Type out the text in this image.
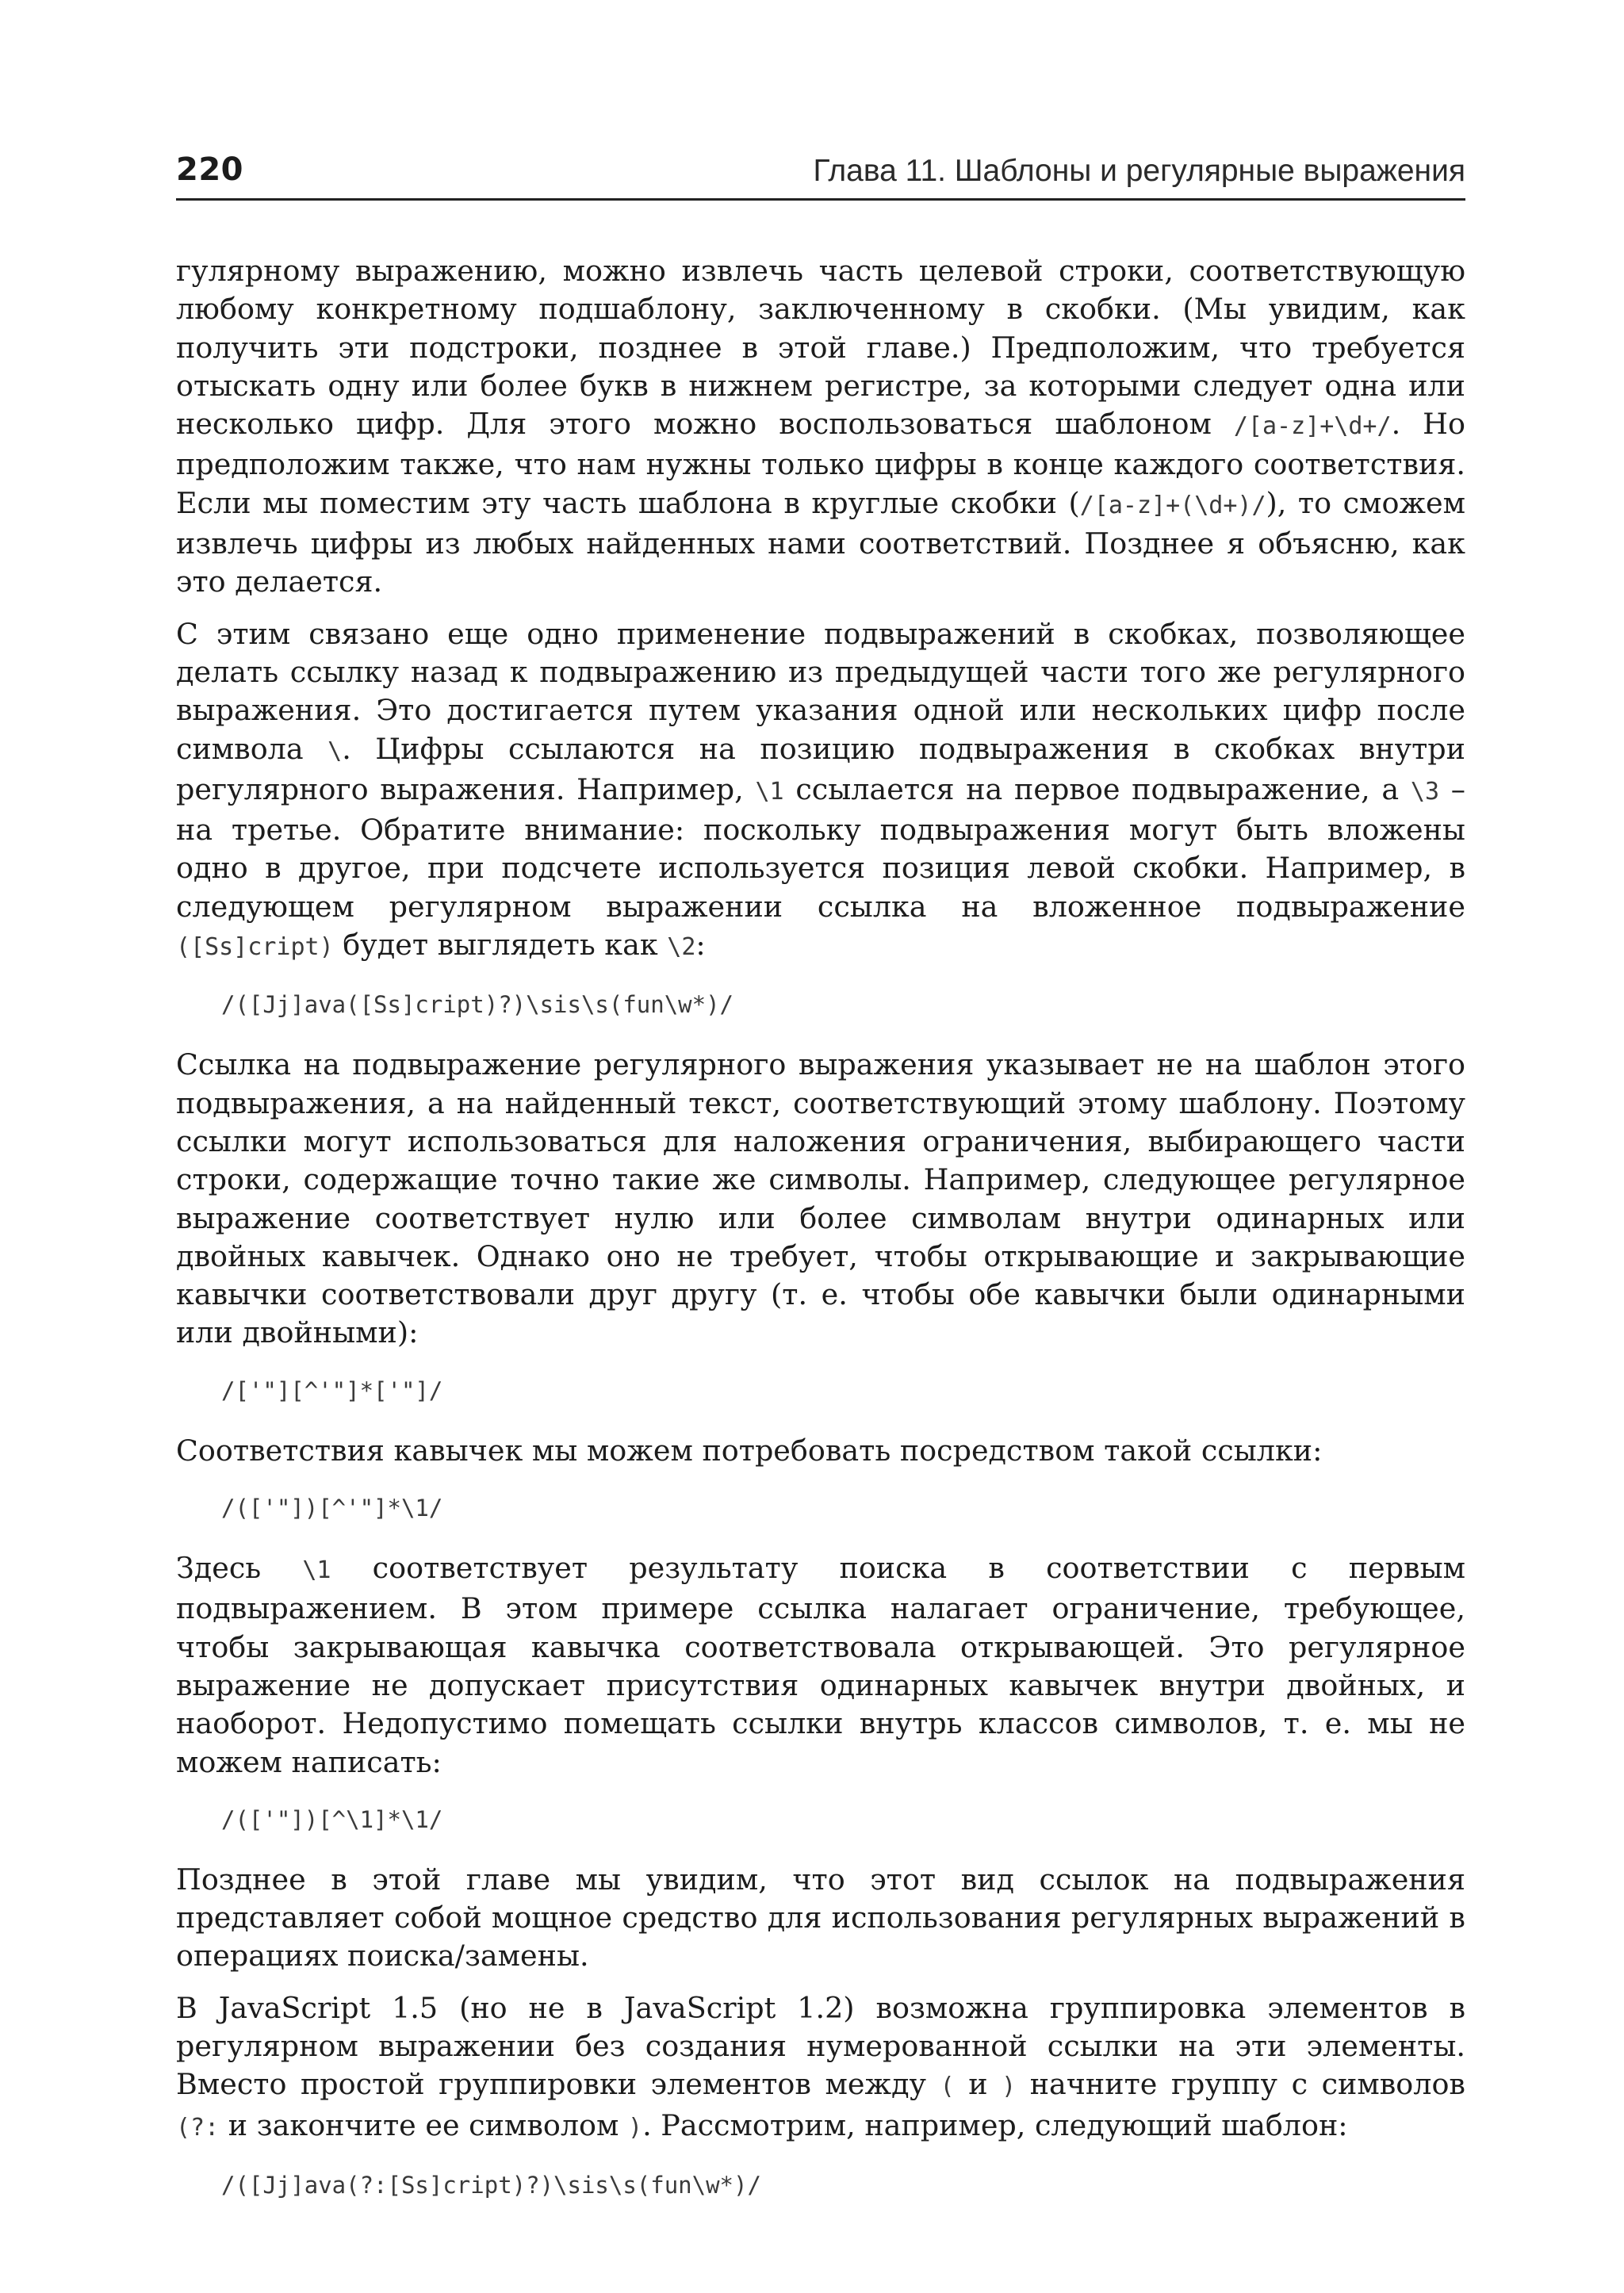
220	Глава 11. Шаблоны и регулярные выражения

гулярному выражению, можно извлечь часть целевой строки, соответствующую любому конкретному подшаблону, заключенному в скобки. (Мы увидим, как получить эти подстроки, позднее в этой главе.) Предположим, что требуется отыскать одну или более букв в нижнем регистре, за которыми следует одна или несколько цифр. Для этого можно воспользоваться шаблоном /[a-z]+\d+/. Но предположим также, что нам нужны только цифры в конце каждого соответствия. Если мы поместим эту часть шаблона в круглые скобки (/[a-z]+(\d+)/), то сможем извлечь цифры из любых найденных нами соответствий. Позднее я объясню, как это делается.

С этим связано еще одно применение подвыражений в скобках, позволяющее делать ссылку назад к подвыражению из предыдущей части того же регулярного выражения. Это достигается путем указания одной или нескольких цифр после символа \. Цифры ссылаются на позицию подвыражения в скобках внутри регулярного выражения. Например, \1 ссылается на первое подвыражение, а \3 – на третье. Обратите внимание: поскольку подвыражения могут быть вложены одно в другое, при подсчете используется позиция левой скобки. Например, в следующем регулярном выражении ссылка на вложенное подвыражение ([Ss]cript) будет выглядеть как \2:

/([Jj]ava([Ss]cript)?)\sis\s(fun\w*)/

Ссылка на подвыражение регулярного выражения указывает не на шаблон этого подвыражения, а на найденный текст, соответствующий этому шаблону. Поэтому ссылки могут использоваться для наложения ограничения, выбирающего части строки, содержащие точно такие же символы. Например, следующее регулярное выражение соответствует нулю или более символам внутри одинарных или двойных кавычек. Однако оно не требует, чтобы открывающие и закрывающие кавычки соответствовали друг другу (т. е. чтобы обе кавычки были одинарными или двойными):

/['"][^'"]*['"]/

Соответствия кавычек мы можем потребовать посредством такой ссылки:

/(['"])[^'"]*\1/

Здесь \1 соответствует результату поиска в соответствии с первым подвыражением. В этом примере ссылка налагает ограничение, требующее, чтобы закрывающая кавычка соответствовала открывающей. Это регулярное выражение не допускает присутствия одинарных кавычек внутри двойных, и наоборот. Недопустимо помещать ссылки внутрь классов символов, т. е. мы не можем написать:

/(['"])[^\1]*\1/

Позднее в этой главе мы увидим, что этот вид ссылок на подвыражения представляет собой мощное средство для использования регулярных выражений в операциях поиска/замены.

В JavaScript 1.5 (но не в JavaScript 1.2) возможна группировка элементов в регулярном выражении без создания нумерованной ссылки на эти элементы. Вместо простой группировки элементов между ( и ) начните группу с символов (?: и закончите ее символом ). Рассмотрим, например, следующий шаблон:

/([Jj]ava(?:[Ss]cript)?)\sis\s(fun\w*)/
